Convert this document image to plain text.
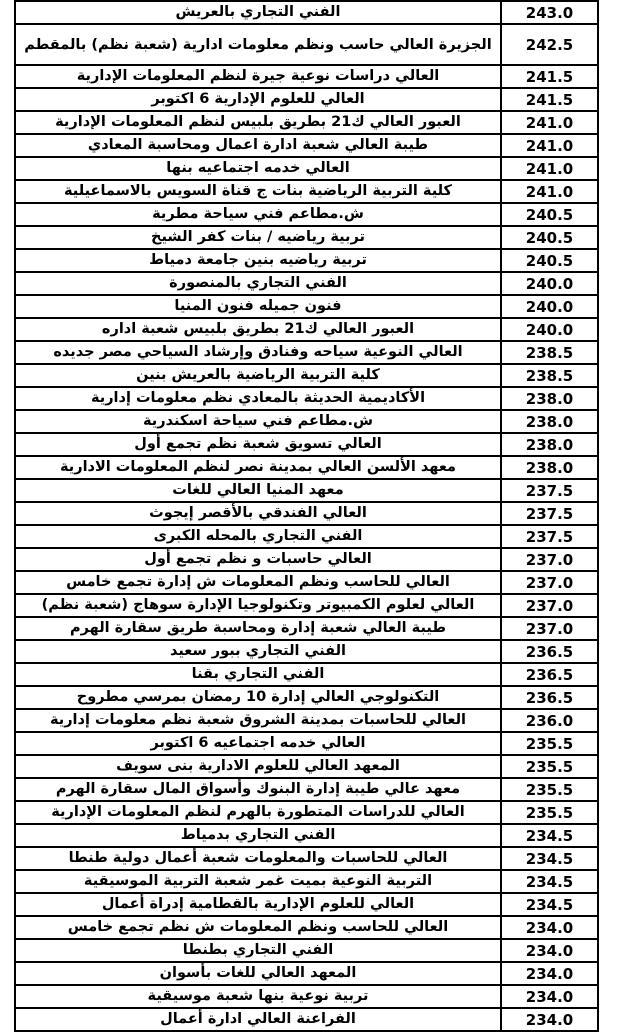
الفني التجاري بالعريش	243.0
الجزيرة العالي حاسب ونظم معلومات ادارية (شعبة نظم) بالمقطم	242.5
العالي دراسات نوعية جيرة لنظم المعلومات الإدارية	241.5
العالي للعلوم الإدارية 6 اكتوبر	241.5
العبور العالي ك21 بطريق بلبيس لنظم المعلومات الإدارية	241.0
طيبة العالي شعبة ادارة اعمال ومحاسبة المعادي	241.0
العالي خدمه اجتماعيه بنها	241.0
كلية التربية الرياضية بنات ج قناة السويس بالاسماعيلية	241.0
ش.مطاعم فني سياحة مطرية	240.5
تربية رياضيه / بنات كفر الشيخ	240.5
تربية رياضيه بنين جامعة دمياط	240.5
الفني التجاري بالمنصورة	240.0
فنون جميله فنون المنيا	240.0
العبور العالي ك21 بطريق بلبيس شعبة اداره	240.0
العالي النوعية سياحه وفنادق وإرشاد السياحي مصر جديده	238.5
كلية التربية الرياضية بالعريش بنين	238.5
الأكاديمية الحديثة بالمعادي نظم معلومات إدارية	238.0
ش.مطاعم فني سياحة اسكندرية	238.0
العالي تسويق شعبة نظم تجمع أول	238.0
معهد الألسن العالي بمدينة نصر لنظم المعلومات الادارية	238.0
معهد المنيا العالي للغات	237.5
العالي الفندقي بالأقصر إيجوث	237.5
الفني التجاري بالمحله الكبرى	237.5
العالي حاسبات و نظم تجمع أول	237.0
العالي للحاسب ونظم المعلومات ش إدارة تجمع خامس	237.0
العالي لعلوم الكمبيوتر وتكنولوجيا الإدارة سوهاج (شعبة نظم)	237.0
طيبة العالي شعبة إدارة ومحاسبة طريق سقارة الهرم	237.0
الفني التجاري ببور سعيد	236.5
الفني التجاري بقنا	236.5
التكنولوجي العالي إدارة 10 رمضان بمرسي مطروح	236.5
العالي للحاسبات بمدينة الشروق شعبة نظم معلومات إدارية	236.0
العالي خدمه اجتماعيه 6 اكتوبر	235.5
المعهد العالي للعلوم الادارية بنى سويف	235.5
معهد عالي طيبة إدارة البنوك وأسواق المال سقارة الهرم	235.5
العالي للدراسات المتطورة بالهرم لنظم المعلومات الإدارية	235.5
الفني التجاري بدمياط	234.5
العالي للحاسبات والمعلومات شعبة أعمال دولية طنطا	234.5
التربية النوعية بميت غمر شعبة التربية الموسيقية	234.5
العالي للعلوم الإدارية بالقطامية إدراة أعمال	234.5
العالي للحاسب ونظم المعلومات ش نظم تجمع خامس	234.0
الفني التجاري بطنطا	234.0
المعهد العالي للغات بأسوان	234.0
تربية نوعية بنها شعبة موسيقية	234.0
الفراعنة العالي ادارة أعمال	234.0
